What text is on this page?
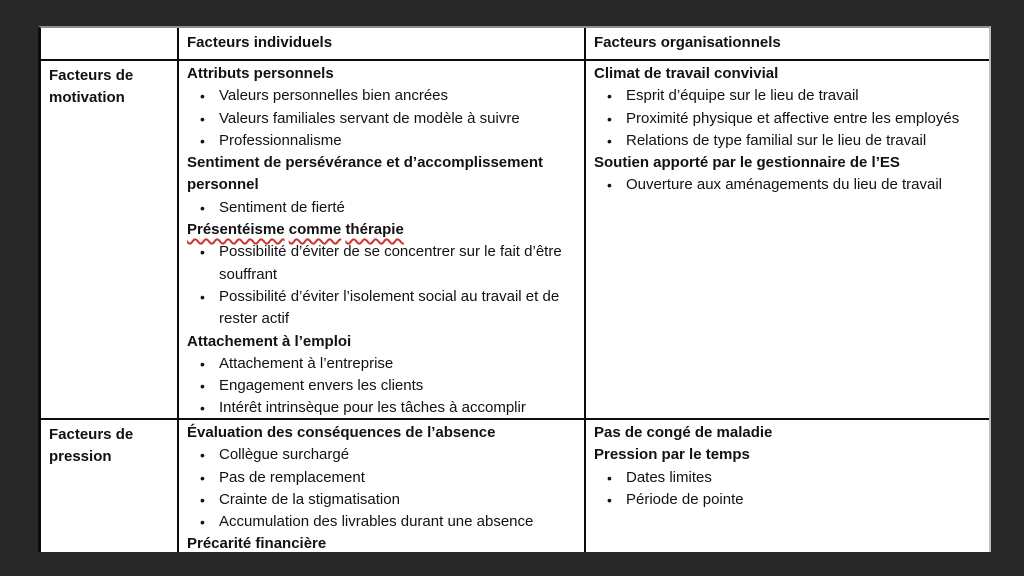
Facteurs individuels	Facteurs organisationnels
Facteurs de motivation
Attributs personnels
• Valeurs personnelles bien ancrées
• Valeurs familiales servant de modèle à suivre
• Professionnalisme
Sentiment de persévérance et d’accomplissement personnel
• Sentiment de fierté
Présentéisme comme thérapie
• Possibilité d’éviter de se concentrer sur le fait d’être souffrant
• Possibilité d’éviter l’isolement social au travail et de rester actif
Attachement à l’emploi
• Attachement à l’entreprise
• Engagement envers les clients
• Intérêt intrinsèque pour les tâches à accomplir
Climat de travail convivial
• Esprit d’équipe sur le lieu de travail
• Proximité physique et affective entre les employés
• Relations de type familial sur le lieu de travail
Soutien apporté par le gestionnaire de l’ES
• Ouverture aux aménagements du lieu de travail
Facteurs de pression
Évaluation des conséquences de l’absence
• Collègue surchargé
• Pas de remplacement
• Crainte de la stigmatisation
• Accumulation des livrables durant une absence
Précarité financière
Pas de congé de maladie
Pression par le temps
• Dates limites
• Période de pointe
